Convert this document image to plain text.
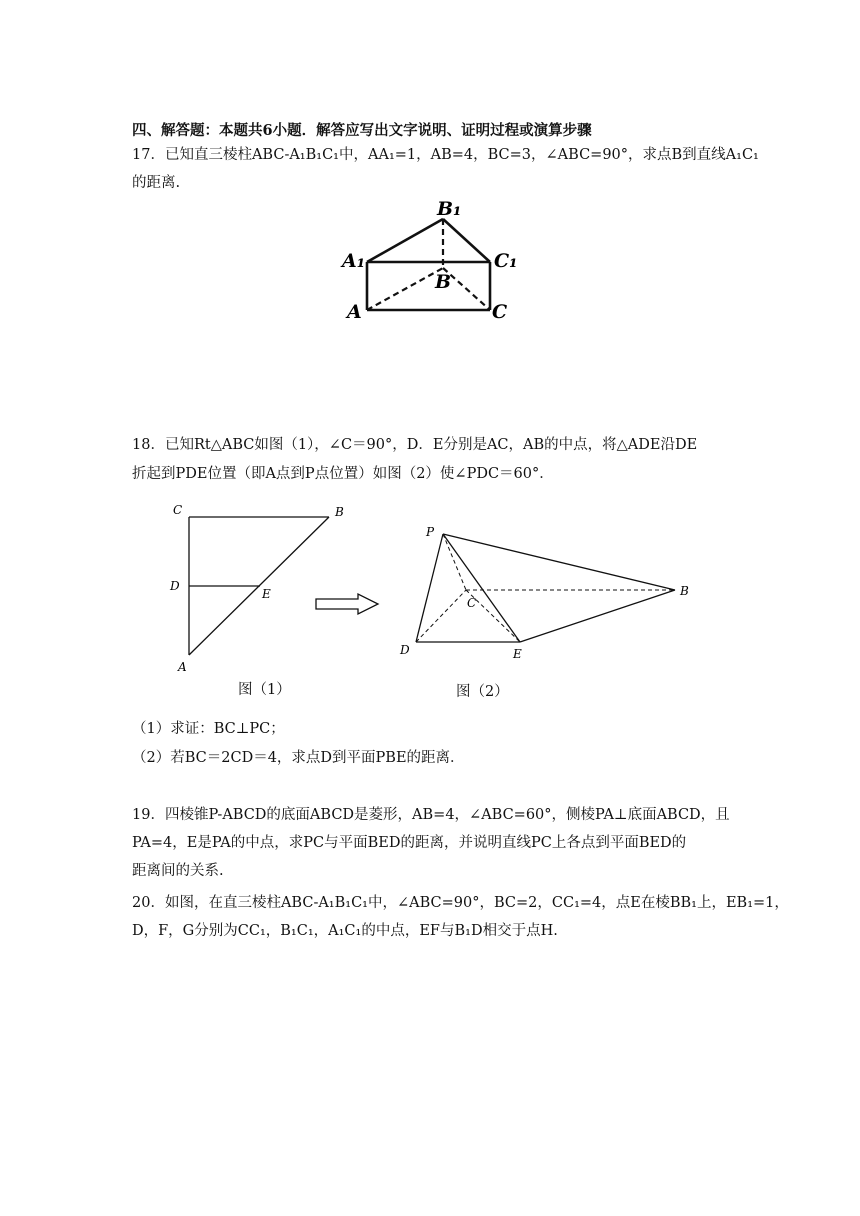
四、解答题：本题共6小题．解答应写出文字说明、证明过程或演算步骤
17．已知直三棱柱ABC-A₁B₁C₁中，AA₁=1，AB=4，BC=3，∠ABC=90°，求点B到直线A₁C₁
的距离.
B₁
A₁	C₁
B
A	C
18．已知Rt△ABC如图（1），∠C＝90°，D．E分别是AC，AB的中点，将△ADE沿DE
折起到PDE位置（即A点到P点位置）如图（2）使∠PDC＝60°．
C	B
D
E
A
P
C
B
D	E
图（1）	图（2）
（1）求证：BC⊥PC；
（2）若BC＝2CD＝4，求点D到平面PBE的距离．
19．四棱锥P-ABCD的底面ABCD是菱形，AB=4，∠ABC=60°，侧棱PA⊥底面ABCD，且
PA=4，E是PA的中点，求PC与平面BED的距离，并说明直线PC上各点到平面BED的
距离间的关系.
20．如图，在直三棱柱ABC-A₁B₁C₁中，∠ABC=90°，BC=2，CC₁=4，点E在棱BB₁上，EB₁=1，
D，F，G分别为CC₁，B₁C₁，A₁C₁的中点，EF与B₁D相交于点H.
